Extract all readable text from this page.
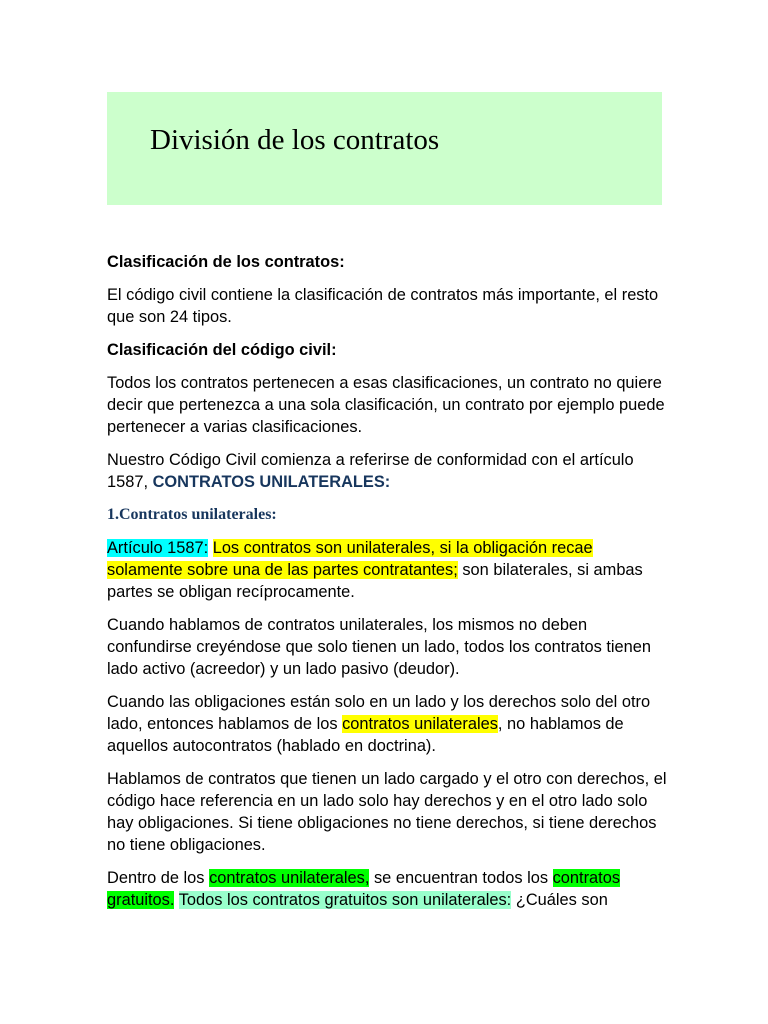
División de los contratos

Clasificación de los contratos:

El código civil contiene la clasificación de contratos más importante, el resto que son 24 tipos.

Clasificación del código civil:

Todos los contratos pertenecen a esas clasificaciones, un contrato no quiere decir que pertenezca a una sola clasificación, un contrato por ejemplo puede pertenecer a varias clasificaciones.

Nuestro Código Civil comienza a referirse de conformidad con el artículo 1587, CONTRATOS UNILATERALES:

1.Contratos unilaterales:

Artículo 1587: Los contratos son unilaterales, si la obligación recae solamente sobre una de las partes contratantes; son bilaterales, si ambas partes se obligan recíprocamente.

Cuando hablamos de contratos unilaterales, los mismos no deben confundirse creyéndose que solo tienen un lado, todos los contratos tienen lado activo (acreedor) y un lado pasivo (deudor).

Cuando las obligaciones están solo en un lado y los derechos solo del otro lado, entonces hablamos de los contratos unilaterales, no hablamos de aquellos autocontratos (hablado en doctrina).

Hablamos de contratos que tienen un lado cargado y el otro con derechos, el código hace referencia en un lado solo hay derechos y en el otro lado solo hay obligaciones. Si tiene obligaciones no tiene derechos, si tiene derechos no tiene obligaciones.

Dentro de los contratos unilaterales, se encuentran todos los contratos gratuitos. Todos los contratos gratuitos son unilaterales: ¿Cuáles son
